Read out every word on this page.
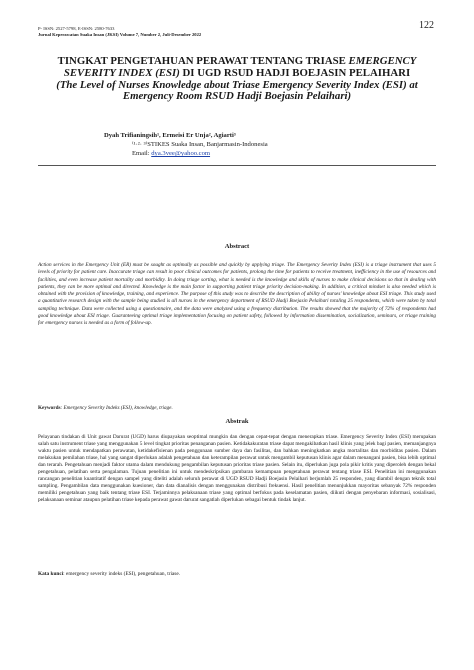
P- ISSN: 2527-5798, E-ISSN: 2580-7633
Jurnal Keperawatan Suaka Insan (JKSI) Volume 7, Number 2, Juli-Desember 2022
122
TINGKAT PENGETAHUAN PERAWAT TENTANG TRIASE EMERGENCY SEVERITY INDEX (ESI) DI UGD RSUD HADJI BOEJASIN PELAIHARI
(The Level of Nurses Knowledge about Triase Emergency Severity Index (ESI) at Emergency Room RSUD Hadji Boejasin Pelaihari)
Dyah Trifianingsih¹, Ermeisi Er Unja², Agiarti³
⁽¹·²· ³⁾STIKES Suaka Insan, Banjarmasin-Indonesia
Email: dya.3vee@yahoo.com
Abstract
Action services in the Emergency Unit (ER) must be sought as optimally as possible and quickly by applying triage. The Emergency Severity Index (ESI) is a triage instrument that uses 5 levels of priority for patient care. Inaccurate triage can result in poor clinical outcomes for patients, prolong the time for patients to receive treatment, inefficiency in the use of resources and facilities, and even increase patient mortality and morbidity. In doing triage sorting, what is needed is the knowledge and skills of nurses to make clinical decisions so that in dealing with patients, they can be more optimal and directed. Knowledge is the main factor in supporting patient triage priority decision-making. In addition, a critical mindset is also needed which is obtained with the provision of knowledge, training, and experience. The purpose of this study was to describe the description of ability of nurses' knowledge about ESI triage. This study used a quantitative research design with the sample being studied is all nurses in the emergency department of RSUD Hadji Boejasin Pelaihari totaling 25 respondents, which were taken by total sampling technique. Data were collected using a questionnaire, and the data were analyzed using a frequency distribution. The results showed that the majority of 72% of respondents had good knowledge about ESI triage. Guaranteeing optimal triage implementation focusing on patient safety, followed by information dissemination, socialization, seminars, or triage training for emergency nurses is needed as a form of follow-up.
Keywords: Emergency Severity Indeks (ESI), knowledge, triage.
Abstrak
Pelayanan tindakan di Unit gawat Darurat (UGD) harus diupayakan seoptimal mungkin dan dengan cepat-tepat dengan menerapkan triase. Emergency Severity Index (ESI) merupakan salah satu instrument triase yang menggunakan 5 level tingkat prioritas penanganan pasien. Ketidakakuratan triase dapat mengakibatkan hasil klinis yang jelek bagi pasien, memanjangnya waktu pasien untuk mendapatkan perawatan, ketidakefisienan pada penggunaan sumber daya dan fasilitas, dan bahkan meningkatkan angka mortalitas dan morbiditas pasien. Dalam melakukan pemilahan triase, hal yang sangat diperlukan adalah pengetahuan dan keterampilan perawat untuk mengambil keputusan klinis agar dalam menangani pasien, bisa lebih optimal dan terarah. Pengetahuan menjadi faktor utama dalam mendukung pengambilan keputusan prioritas triase pasien. Selain itu, diperlukan juga pola pikir kritis yang diperoleh dengan bekal pengetahuan, pelatihan serta pengalaman. Tujuan penelitian ini untuk mendeskripsikan gambaran kemampuan pengetahuan perawat tentang triase ESI. Penelitian ini menggunakan rancangan penelitian kuantitatif dengan sampel yang diteliti adalah seluruh perawat di UGD RSUD Hadji Boejasin Pelaihari berjumlah 25 responden, yang diambil dengan teknik total sampling. Pengambilan data menggunakan kuesioner, dan data dianalisis dengan menggunakan distribusi frekuensi. Hasil penelitian menunjukkan mayoritas sebanyak 72% responden memiliki pengetahuan yang baik tentang triase ESI. Terjaminnya pelaksanaan triase yang optimal berfokus pada keselamatan pasien, diikuti dengan penyebaran informasi, sosialisasi, pelaksanaan seminar ataupun pelatihan triase kepada perawat gawat darurat sangatlah diperlukan sebagai bentuk tindak lanjut.
Kata kunci: emergency severity indeks (ESI), pengetahuan, triase.
